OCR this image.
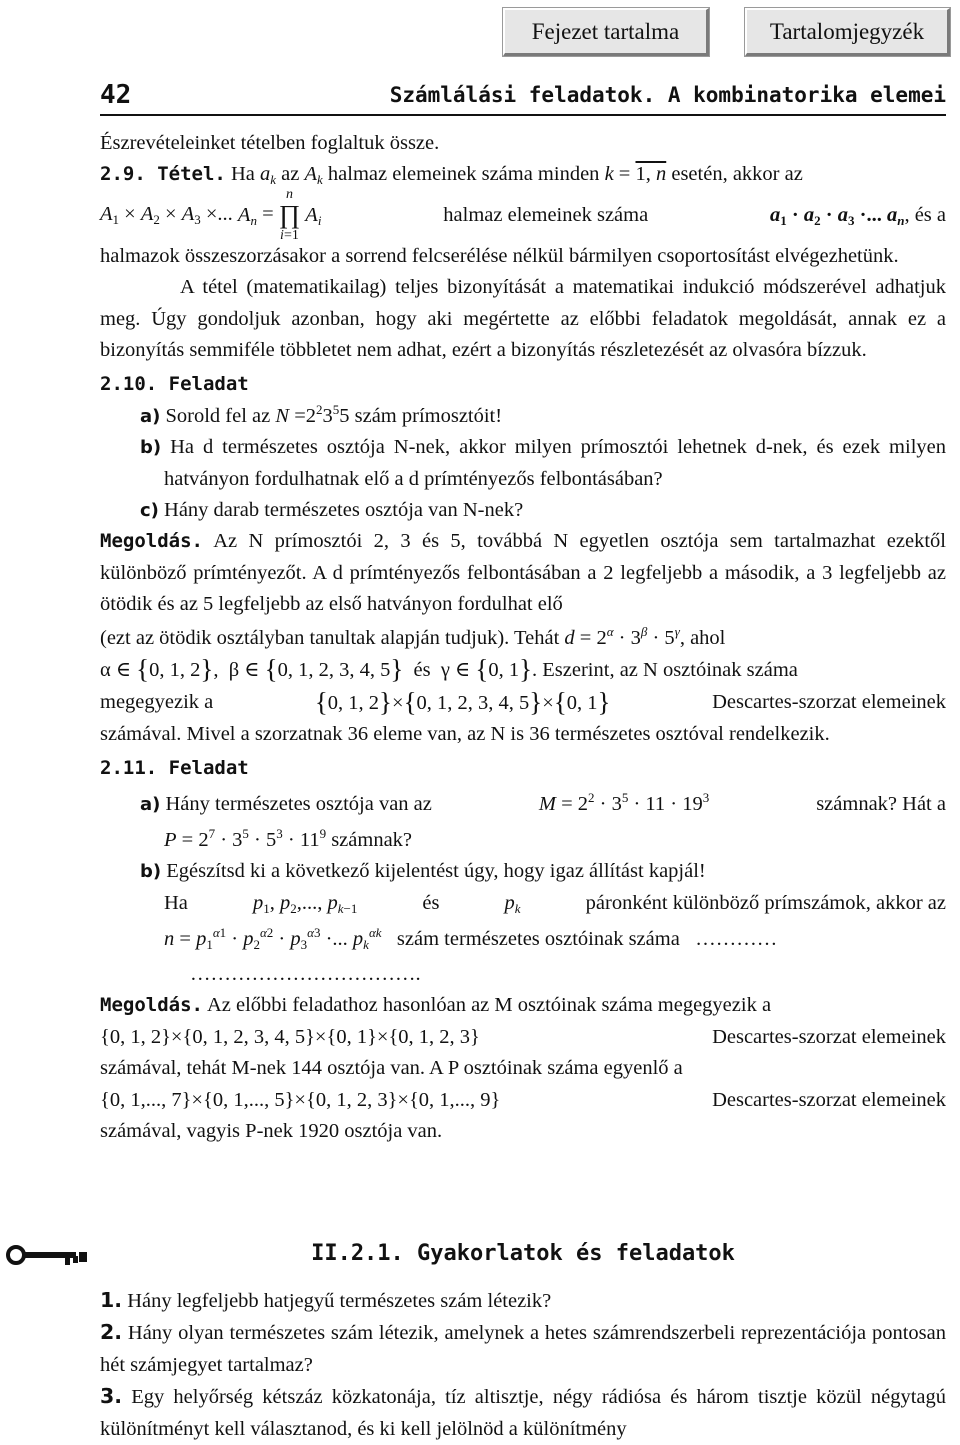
Fejezet tartalma	Tartalomjegyzék
42	Számlálási feladatok. A kombinatorika elemei

Észrevételeinket tételben foglaltuk össze.

2.9. Tétel. Ha $a_k$ az $A_k$ halmaz elemeinek száma minden k = 1, n esetén, akkor az

$A_1 \times A_2 \times A_3$ ×... $A_n = n$
∏
i=1 $A_i$	halmaz elemeinek száma	$a_1 \cdot a_2 \cdot a_3$ ·... $a_n$, és a

halmazok összeszorzásakor a sorrend felcserélése nélkül bármilyen csoportosítást elvégezhetünk.

A tétel (matematikailag) teljes bizonyítását a matematikai indukció módszerével adhatjuk meg. Úgy gondoljuk azonban, hogy aki megértette az előbbi feladatok megoldását, annak ez a bizonyítás semmiféle többletet nem adhat, ezért a bizonyítás részletezését az olvasóra bízzuk.

2.10. Feladat

a) Sorold fel az $N =2^23^55$ szám prímosztóit!

b) Ha d természetes osztója N-nek, akkor milyen prímosztói lehetnek d-nek, és ezek milyen hatványon fordulhatnak elő a d prímtényezős felbontásában?

c) Hány darab természetes osztója van N-nek?

Megoldás. Az N prímosztói 2, 3 és 5, továbbá N egyetlen osztója sem tartalmazhat ezektől különböző prímtényezőt. A d prímtényezős felbontásában a 2 legfeljebb a második, a 3 legfeljebb az ötödik és az 5 legfeljebb az első hatványon fordulhat elő

(ezt az ötödik osztályban tanultak alapján tudjuk). Tehát $d = 2^\alpha \cdot 3^\beta \cdot 5^\gamma$, ahol

α ∈ {0, 1, 2},  β ∈ {0, 1, 2, 3, 4, 5}  és  γ ∈ {0, 1}. Eszerint, az N osztóinak száma

megegyezik a	{0, 1, 2}×{0, 1, 2, 3, 4, 5}×{0, 1}	Descartes-szorzat elemeinek

számával. Mivel a szorzatnak 36 eleme van, az N is 36 természetes osztóval rendelkezik.

2.11. Feladat

a) Hány természetes osztója van az	$M = 2^2 \cdot 3^5 \cdot 11 \cdot 19^3$	számnak? Hát a
$P = 2^7 \cdot 3^5 \cdot 5^3 \cdot 11^9$ számnak?
b) Egészítsd ki a következő kijelentést úgy, hogy igaz állítást kapjál!
Ha	$p_1$, $p_2$,..., $p_{k-1}$	és	$p_k$	páronként különböző prímszámok, akkor az
$n = p_1^{\alpha 1} \cdot p_2^{\alpha 2} \cdot p_3^{\alpha 3}$ ·... $p_k^{\alpha k}$ szám természetes osztóinak száma …………
…………………………….

Megoldás. Az előbbi feladathoz hasonlóan az M osztóinak száma megegyezik a

{0, 1, 2}×{0, 1, 2, 3, 4, 5}×{0, 1}×{0, 1, 2, 3}	Descartes-szorzat elemeinek

számával, tehát M-nek 144 osztója van. A P osztóinak száma egyenlő a

{0, 1,..., 7}×{0, 1,..., 5}×{0, 1, 2, 3}×{0, 1,..., 9}	Descartes-szorzat elemeinek

számával, vagyis P-nek 1920 osztója van.

II.2.1. Gyakorlatok és feladatok

1. Hány legfeljebb hatjegyű természetes szám létezik?

2. Hány olyan természetes szám létezik, amelynek a hetes számrendszerbeli reprezentációja pontosan hét számjegyet tartalmaz?

3. Egy helyőrség kétszáz közkatonája, tíz altisztje, négy rádiósa és három tisztje közül négytagú különítményt kell választanod, és ki kell jelölnöd a különítmény
